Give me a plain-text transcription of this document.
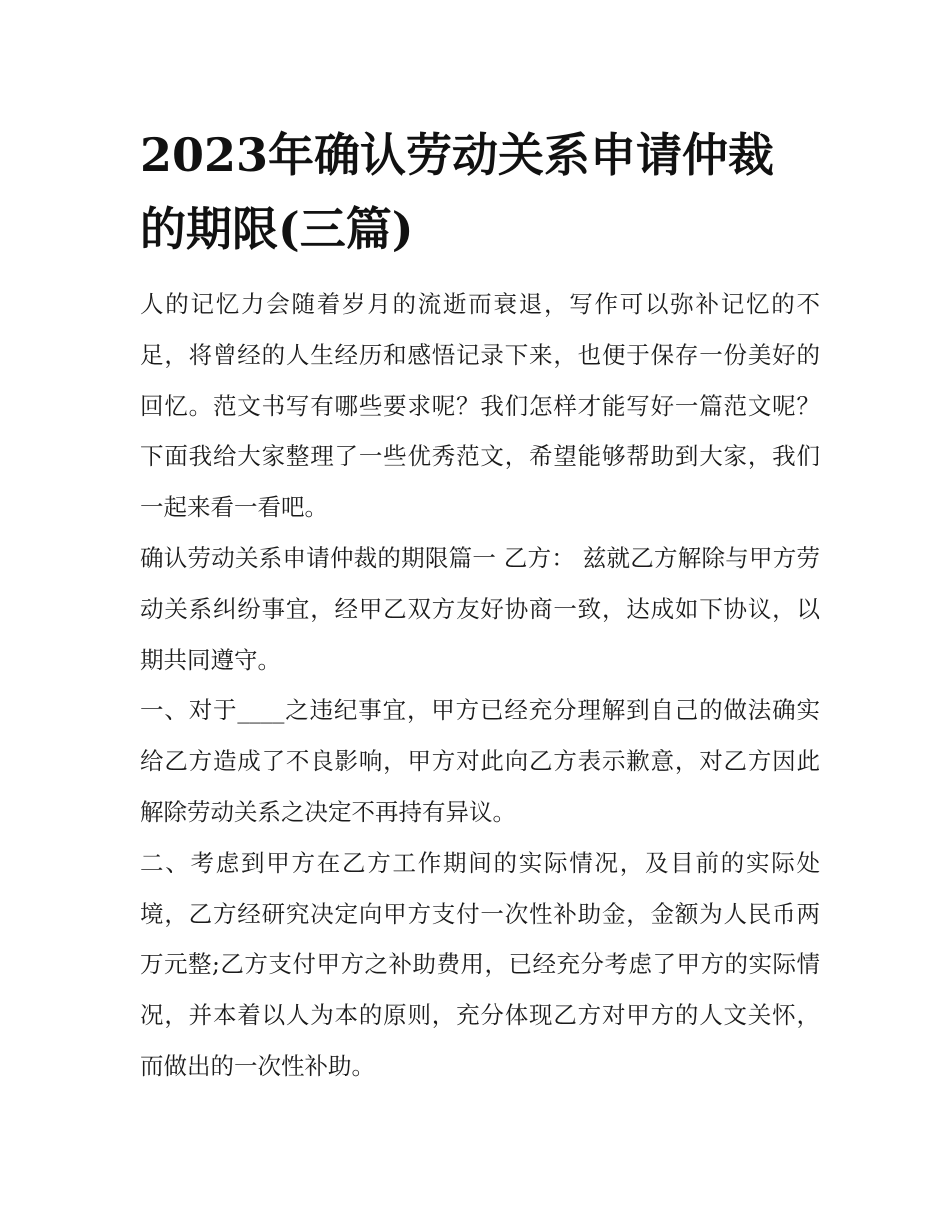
2023年确认劳动关系申请仲裁的期限(三篇)

人的记忆力会随着岁月的流逝而衰退，写作可以弥补记忆的不足，将曾经的人生经历和感悟记录下来，也便于保存一份美好的回忆。范文书写有哪些要求呢？我们怎样才能写好一篇范文呢？下面我给大家整理了一些优秀范文，希望能够帮助到大家，我们一起来看一看吧。

确认劳动关系申请仲裁的期限篇一 乙方： 兹就乙方解除与甲方劳动关系纠纷事宜，经甲乙双方友好协商一致，达成如下协议，以期共同遵守。

一、对于____之违纪事宜，甲方已经充分理解到自己的做法确实给乙方造成了不良影响，甲方对此向乙方表示歉意，对乙方因此解除劳动关系之决定不再持有异议。

二、考虑到甲方在乙方工作期间的实际情况，及目前的实际处境，乙方经研究决定向甲方支付一次性补助金，金额为人民币两万元整;乙方支付甲方之补助费用，已经充分考虑了甲方的实际情况，并本着以人为本的原则，充分体现乙方对甲方的人文关怀，而做出的一次性补助。
